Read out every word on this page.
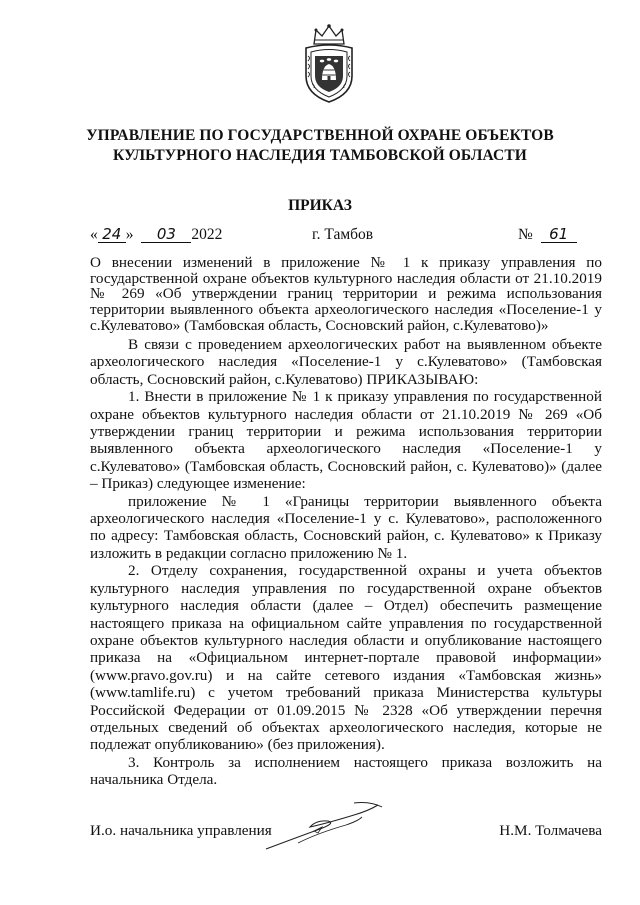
УПРАВЛЕНИЕ ПО ГОСУДАРСТВЕННОЙ ОХРАНЕ ОБЪЕКТОВ
КУЛЬТУРНОГО НАСЛЕДИЯ ТАМБОВСКОЙ ОБЛАСТИ
ПРИКАЗ
« 24 » 03 2022	г. Тамбов	№ 61
О внесении изменений в приложение № 1 к приказу управления по государственной охране объектов культурного наследия области от 21.10.2019 № 269 «Об утверждении границ территории и режима использования территории выявленного объекта археологического наследия «Поселение-1 у с.Кулеватово» (Тамбовская область, Сосновский район, с.Кулеватово)»

В связи с проведением археологических работ на выявленном объекте археологического наследия «Поселение-1 у с.Кулеватово» (Тамбовская область, Сосновский район, с.Кулеватово) ПРИКАЗЫВАЮ:

1. Внести в приложение № 1 к приказу управления по государственной охране объектов культурного наследия области от 21.10.2019 № 269 «Об утверждении границ территории и режима использования территории выявленного объекта археологического наследия «Поселение-1 у с.Кулеватово» (Тамбовская область, Сосновский район, с. Кулеватово)» (далее – Приказ) следующее изменение:

приложение № 1 «Границы территории выявленного объекта археологического наследия «Поселение-1 у с. Кулеватово», расположенного по адресу: Тамбовская область, Сосновский район, с. Кулеватово» к Приказу изложить в редакции согласно приложению № 1.

2. Отделу сохранения, государственной охраны и учета объектов культурного наследия управления по государственной охране объектов культурного наследия области (далее – Отдел) обеспечить размещение настоящего приказа на официальном сайте управления по государственной охране объектов культурного наследия области и опубликование настоящего приказа на «Официальном интернет-портале правовой информации» (www.pravo.gov.ru) и на сайте сетевого издания «Тамбовская жизнь» (www.tamlife.ru) с учетом требований приказа Министерства культуры Российской Федерации от 01.09.2015 № 2328 «Об утверждении перечня отдельных сведений об объектах археологического наследия, которые не подлежат опубликованию» (без приложения).

3. Контроль за исполнением настоящего приказа возложить на начальника Отдела.

И.о. начальника управления	Н.М. Толмачева
